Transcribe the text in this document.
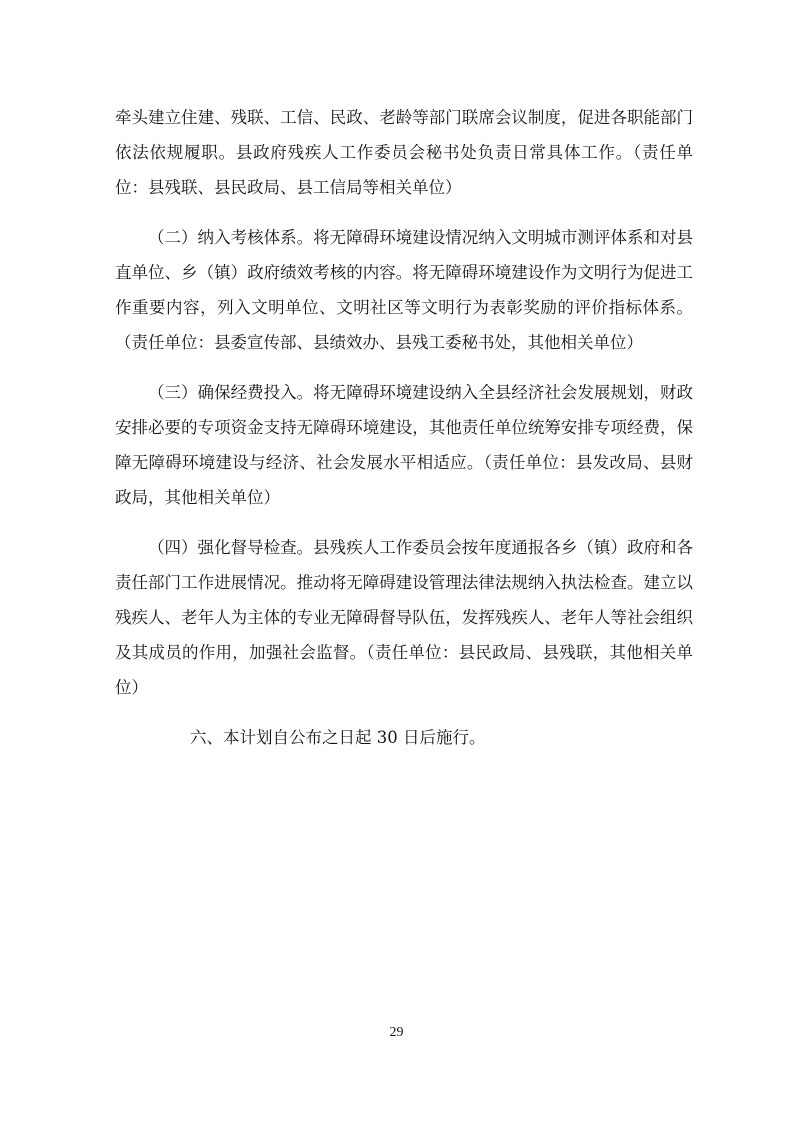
牵头建立住建、残联、工信、民政、老龄等部门联席会议制度，促进各职能部门依法依规履职。县政府残疾人工作委员会秘书处负责日常具体工作。（责任单位：县残联、县民政局、县工信局等相关单位）

（二）纳入考核体系。将无障碍环境建设情况纳入文明城市测评体系和对县直单位、乡（镇）政府绩效考核的内容。将无障碍环境建设作为文明行为促进工作重要内容，列入文明单位、文明社区等文明行为表彰奖励的评价指标体系。（责任单位：县委宣传部、县绩效办、县残工委秘书处，其他相关单位）

（三）确保经费投入。将无障碍环境建设纳入全县经济社会发展规划，财政安排必要的专项资金支持无障碍环境建设，其他责任单位统筹安排专项经费，保障无障碍环境建设与经济、社会发展水平相适应。（责任单位：县发改局、县财政局，其他相关单位）

（四）强化督导检查。县残疾人工作委员会按年度通报各乡（镇）政府和各责任部门工作进展情况。推动将无障碍建设管理法律法规纳入执法检查。建立以残疾人、老年人为主体的专业无障碍督导队伍，发挥残疾人、老年人等社会组织及其成员的作用，加强社会监督。（责任单位：县民政局、县残联，其他相关单位）

六、本计划自公布之日起 30 日后施行。

29
